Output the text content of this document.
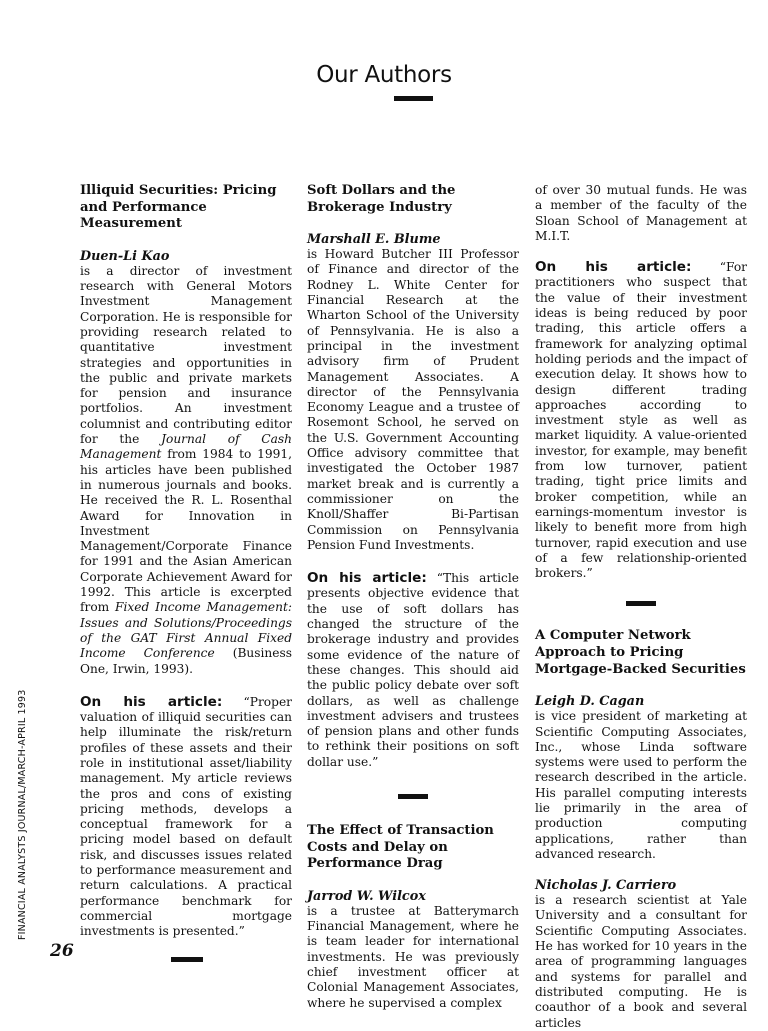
Our Authors
Illiquid Securities: Pricing and Performance Measurement
Duen-Li Kao

is a director of investment research with General Motors Investment Management Corporation. He is responsible for providing research related to quantitative investment strategies and opportunities in the public and private markets for pension and insurance portfolios. An investment columnist and contributing editor for the Journal of Cash Management from 1984 to 1991, his articles have been published in numerous journals and books. He received the R. L. Rosenthal Award for Innovation in Investment Management/Corporate Finance for 1991 and the Asian American Corporate Achievement Award for 1992. This article is excerpted from Fixed Income Management: Issues and Solutions/Proceedings of the GAT First Annual Fixed Income Conference (Business One, Irwin, 1993).

On his article: “Proper valuation of illiquid securities can help illuminate the risk/return profiles of these assets and their role in institutional asset/liability management. My article reviews the pros and cons of existing pricing methods, develops a conceptual framework for a pricing model based on default risk, and discusses issues related to performance measurement and return calculations. A practical performance benchmark for commercial mortgage investments is presented.”

Soft Dollars and the Brokerage Industry
Marshall E. Blume

is Howard Butcher III Professor of Finance and director of the Rodney L. White Center for Financial Research at the Wharton School of the University of Pennsylvania. He is also a principal in the investment advisory firm of Prudent Management Associates. A director of the Pennsylvania Economy League and a trustee of Rosemont School, he served on the U.S. Government Accounting Office advisory committee that investigated the October 1987 market break and is currently a commissioner on the Knoll/Shaffer Bi-Partisan Commission on Pennsylvania Pension Fund Investments.

On his article: “This article presents objective evidence that the use of soft dollars has changed the structure of the brokerage industry and provides some evidence of the nature of these changes. This should aid the public policy debate over soft dollars, as well as challenge investment advisers and trustees of pension plans and other funds to rethink their positions on soft dollar use.”

The Effect of Transaction Costs and Delay on Performance Drag
Jarrod W. Wilcox

is a trustee at Batterymarch Financial Management, where he is team leader for international investments. He was previously chief investment officer at Colonial Management Associates, where he supervised a complex

of over 30 mutual funds. He was a member of the faculty of the Sloan School of Management at M.I.T.

On his article: “For practitioners who suspect that the value of their investment ideas is being reduced by poor trading, this article offers a framework for analyzing optimal holding periods and the impact of execution delay. It shows how to design different trading approaches according to investment style as well as market liquidity. A value-oriented investor, for example, may benefit from low turnover, patient trading, tight price limits and broker competition, while an earnings-momentum investor is likely to benefit more from high turnover, rapid execution and use of a few relationship-oriented brokers.”

A Computer Network Approach to Pricing Mortgage-Backed Securities
Leigh D. Cagan

is vice president of marketing at Scientific Computing Associates, Inc., whose Linda software systems were used to perform the research described in the article. His parallel computing interests lie primarily in the area of production computing applications, rather than advanced research.

Nicholas J. Carriero

is a research scientist at Yale University and a consultant for Scientific Computing Associates. He has worked for 10 years in the area of programming languages and systems for parallel and distributed computing. He is coauthor of a book and several articles

FINANCIAL ANALYSTS JOURNAL/MARCH-APRIL 1993
26
